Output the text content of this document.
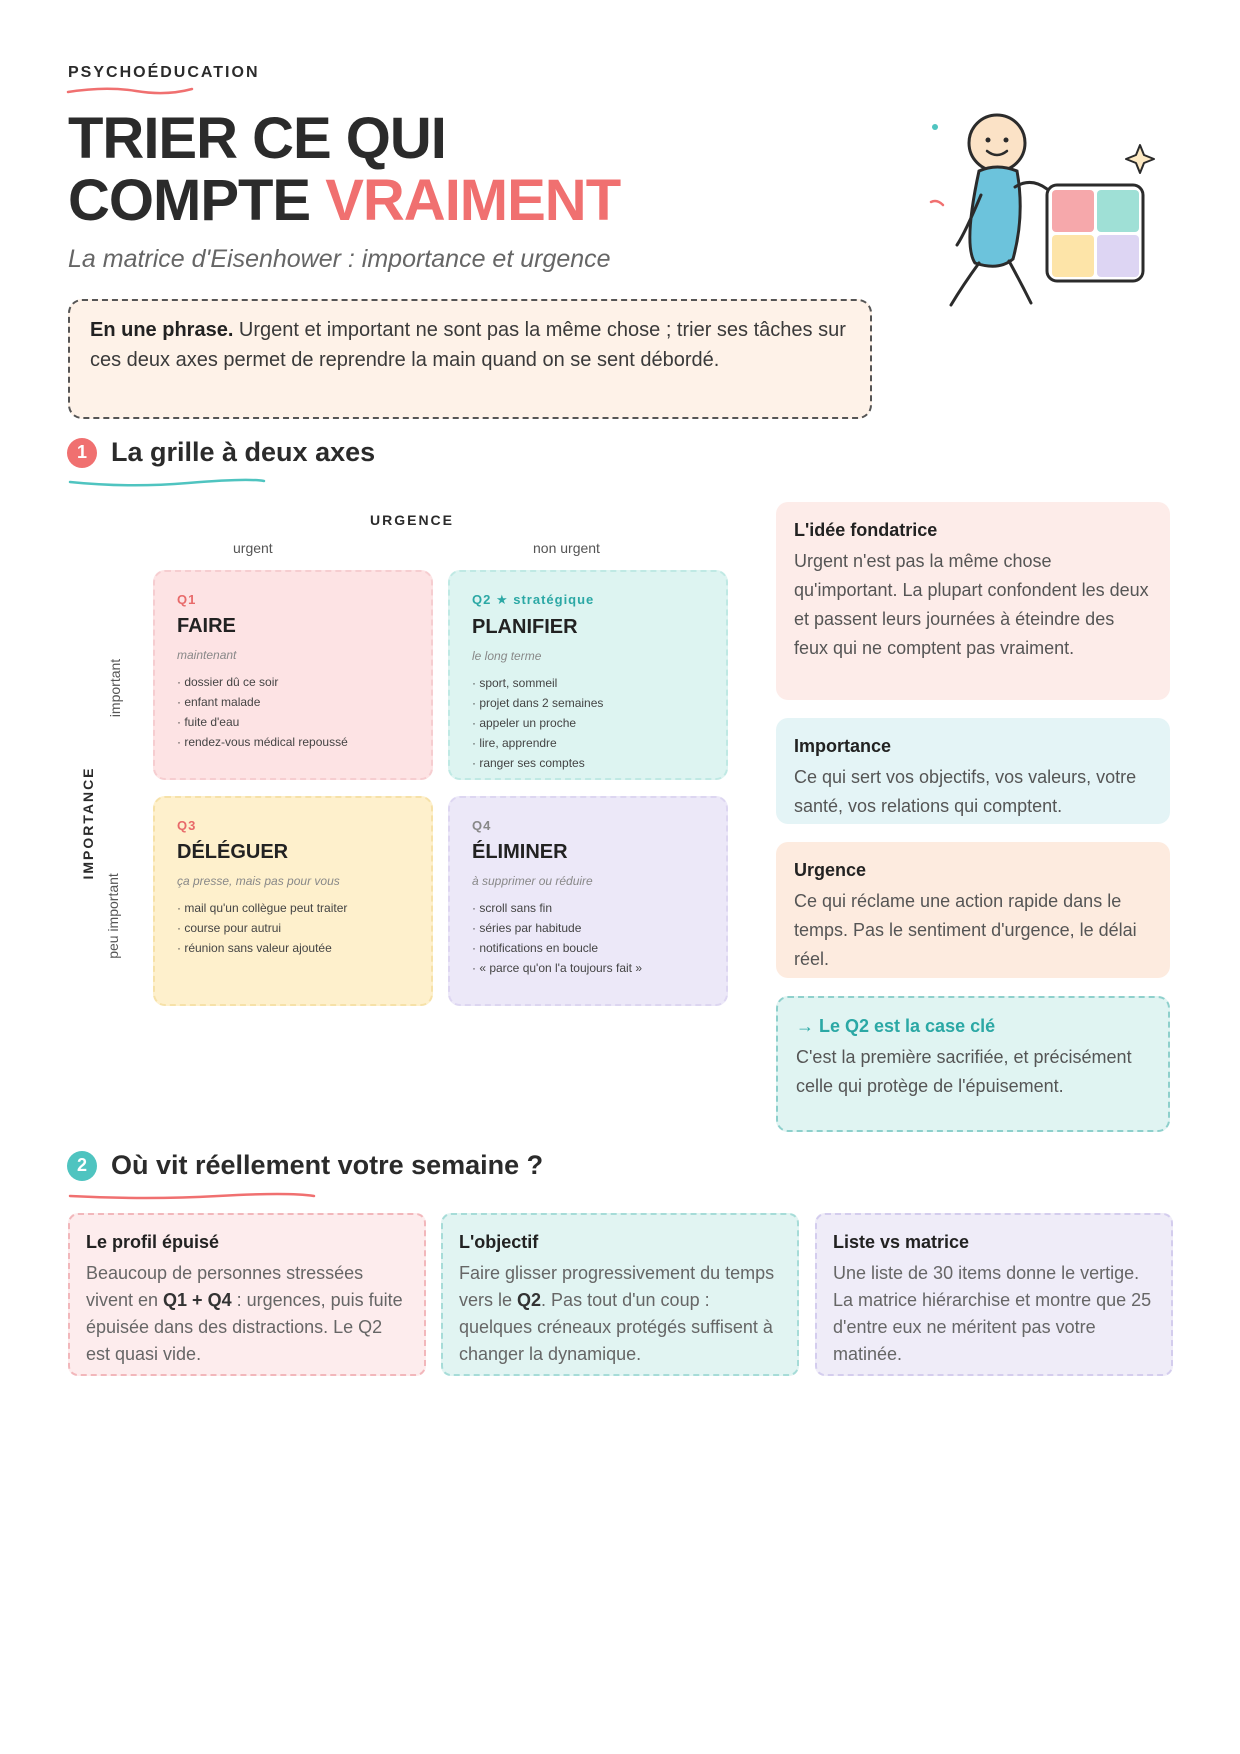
PSYCHOÉDUCATION
TRIER CE QUI
COMPTE VRAIMENT
La matrice d'Eisenhower : importance et urgence
En une phrase. Urgent et important ne sont pas la même chose ; trier ses tâches sur ces deux axes permet de reprendre la main quand on se sent débordé.
1 La grille à deux axes
URGENCE
urgent	non urgent
IMPORTANCE
important
peu important
Q1
FAIRE
maintenant
· dossier dû ce soir
· enfant malade
· fuite d'eau
· rendez-vous médical repoussé
Q2 ★ stratégique
PLANIFIER
le long terme
· sport, sommeil
· projet dans 2 semaines
· appeler un proche
· lire, apprendre
· ranger ses comptes
Q3
DÉLÉGUER
ça presse, mais pas pour vous
· mail qu'un collègue peut traiter
· course pour autrui
· réunion sans valeur ajoutée
Q4
ÉLIMINER
à supprimer ou réduire
· scroll sans fin
· séries par habitude
· notifications en boucle
· « parce qu'on l'a toujours fait »
L'idée fondatrice
Urgent n'est pas la même chose qu'important. La plupart confondent les deux et passent leurs journées à éteindre des feux qui ne comptent pas vraiment.
Importance
Ce qui sert vos objectifs, vos valeurs, votre santé, vos relations qui comptent.
Urgence
Ce qui réclame une action rapide dans le temps. Pas le sentiment d'urgence, le délai réel.
→ Le Q2 est la case clé
C'est la première sacrifiée, et précisément celle qui protège de l'épuisement.
2 Où vit réellement votre semaine ?
Le profil épuisé
Beaucoup de personnes stressées vivent en Q1 + Q4 : urgences, puis fuite épuisée dans des distractions. Le Q2 est quasi vide.
L'objectif
Faire glisser progressivement du temps vers le Q2. Pas tout d'un coup : quelques créneaux protégés suffisent à changer la dynamique.
Liste vs matrice
Une liste de 30 items donne le vertige. La matrice hiérarchise et montre que 25 d'entre eux ne méritent pas votre matinée.
